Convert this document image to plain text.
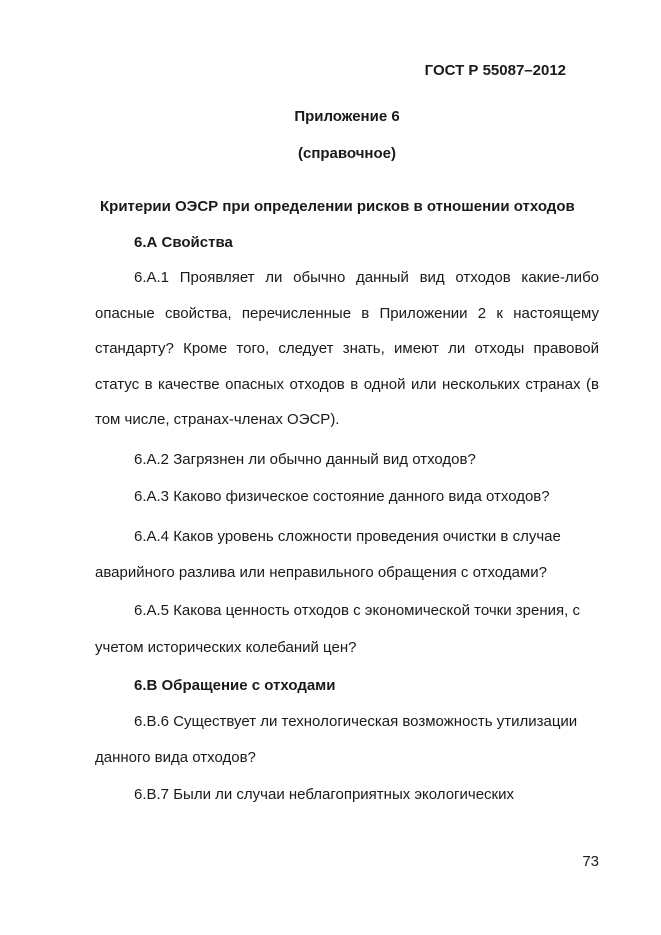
ГОСТ Р 55087–2012
Приложение 6
(справочное)
Критерии ОЭСР при определении рисков в отношении отходов
6.А Свойства

6.А.1 Проявляет ли обычно данный вид отходов какие-либо опасные свойства, перечисленные в Приложении 2 к настоящему стандарту? Кроме того, следует знать, имеют ли отходы правовой статус в качестве опасных отходов в одной или нескольких странах (в том числе, странах-членах ОЭСР).

6.А.2 Загрязнен ли обычно данный вид отходов?
6.А.3 Каково физическое состояние данного вида отходов?
6.А.4 Каков уровень сложности проведения очистки в случае
аварийного разлива или неправильного обращения с отходами?
6.А.5 Какова ценность отходов с экономической точки зрения, с
учетом исторических колебаний цен?
6.В Обращение с отходами
6.В.6 Существует ли технологическая возможность утилизации
данного вида отходов?
6.В.7 Были ли случаи неблагоприятных экологических
73
